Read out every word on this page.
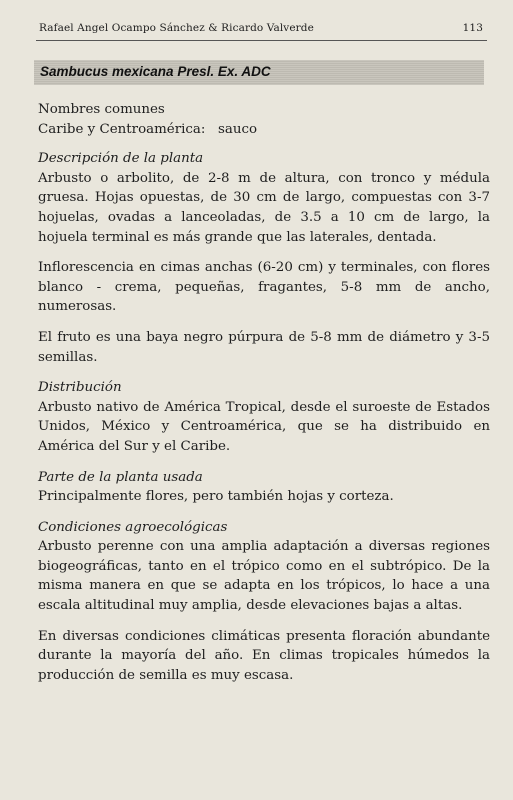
Rafael Angel Ocampo Sánchez & Ricardo Valverde	113
Sambucus mexicana Presl. Ex. ADC

Nombres comunes

Caribe y Centroamérica: sauco

Descripción de la planta

Arbusto o arbolito, de 2-8 m de altura, con tronco y médula gruesa. Hojas opuestas, de 30 cm de largo, compuestas con 3-7 hojuelas, ovadas a lanceoladas, de 3.5 a 10 cm de largo, la hojuela terminal es más grande que las laterales, dentada.

Inflorescencia en cimas anchas (6-20 cm) y terminales, con flores blanco - crema, pequeñas, fragantes, 5-8 mm de ancho, numerosas.

El fruto es una baya negro púrpura de 5-8 mm de diámetro y 3-5 semillas.

Distribución

Arbusto nativo de América Tropical, desde el suroeste de Estados Unidos, México y Centroamérica, que se ha distribuido en América del Sur y el Caribe.

Parte de la planta usada

Principalmente flores, pero también hojas y corteza.

Condiciones agroecológicas

Arbusto perenne con una amplia adaptación a diversas regiones biogeográficas, tanto en el trópico como en el subtrópico. De la misma manera en que se adapta en los trópicos, lo hace a una escala altitudinal muy amplia, desde elevaciones bajas a altas.

En diversas condiciones climáticas presenta floración abundante durante la mayoría del año. En climas tropicales húmedos la producción de semilla es muy escasa.
